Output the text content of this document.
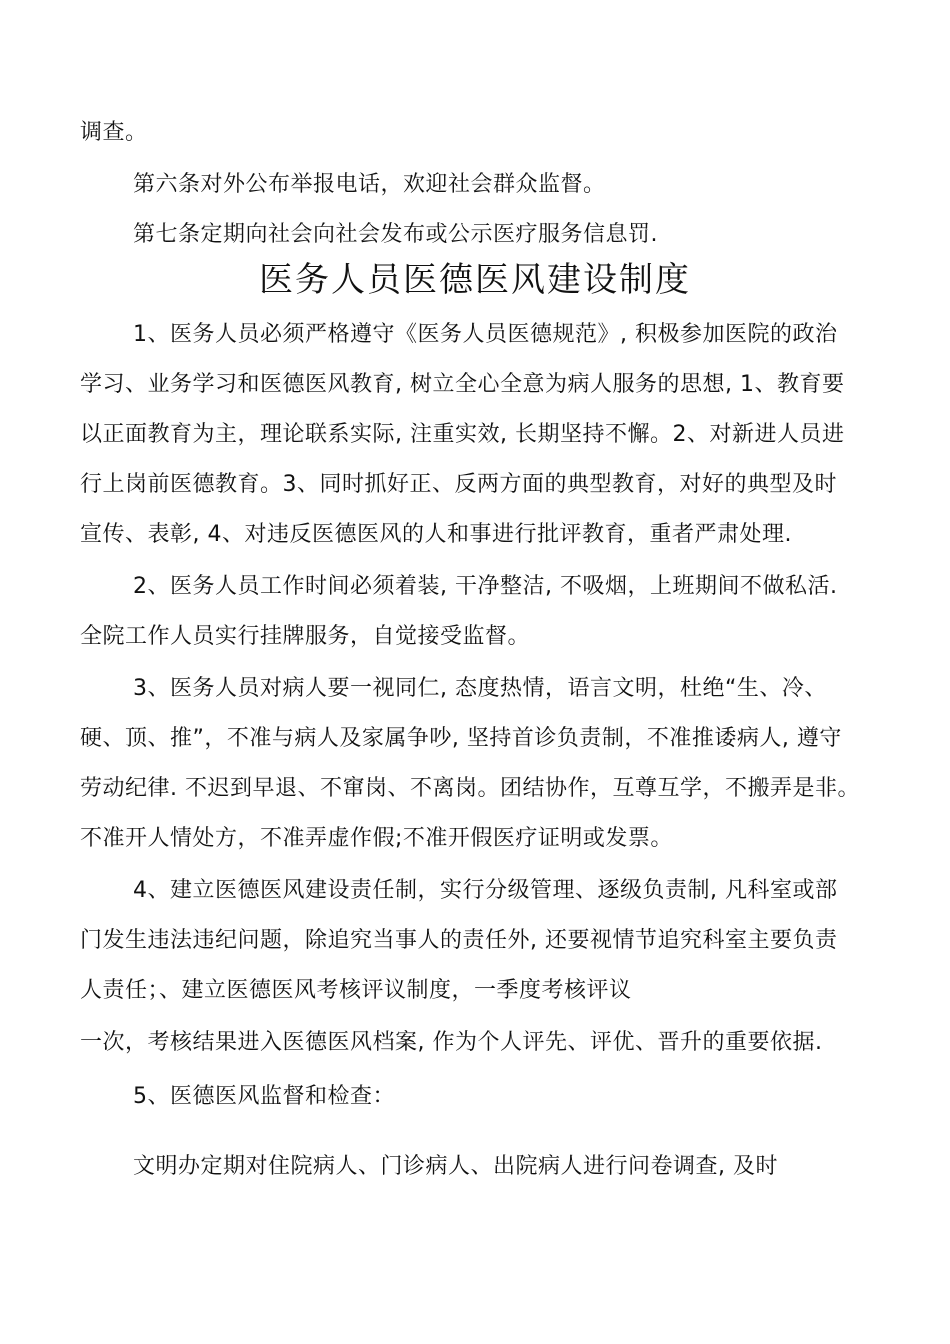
调查。
第六条对外公布举报电话，欢迎社会群众监督。
第七条定期向社会向社会发布或公示医疗服务信息罚.
医务人员医德医风建设制度
1、医务人员必须严格遵守《医务人员医德规范》, 积极参加医院的政治
学习、业务学习和医德医风教育, 树立全心全意为病人服务的思想, 1、教育要
以正面教育为主，理论联系实际, 注重实效, 长期坚持不懈。2、对新进人员进
行上岗前医德教育。3、同时抓好正、反两方面的典型教育，对好的典型及时
宣传、表彰, 4、对违反医德医风的人和事进行批评教育，重者严肃处理.
2、医务人员工作时间必须着装, 干净整洁, 不吸烟，上班期间不做私活.
全院工作人员实行挂牌服务，自觉接受监督。
3、医务人员对病人要一视同仁, 态度热情，语言文明，杜绝“生、冷、
硬、顶、推”，不准与病人及家属争吵, 坚持首诊负责制，不准推诿病人, 遵守
劳动纪律. 不迟到早退、不窜岗、不离岗。团结协作，互尊互学，不搬弄是非。
不准开人情处方，不准弄虚作假;不准开假医疗证明或发票。
4、建立医德医风建设责任制，实行分级管理、逐级负责制, 凡科室或部
门发生违法违纪问题，除追究当事人的责任外, 还要视情节追究科室主要负责
人责任；、建立医德医风考核评议制度，一季度考核评议
一次，考核结果进入医德医风档案, 作为个人评先、评优、晋升的重要依据.
5、医德医风监督和检查：
文明办定期对住院病人、门诊病人、出院病人进行问卷调查, 及时
